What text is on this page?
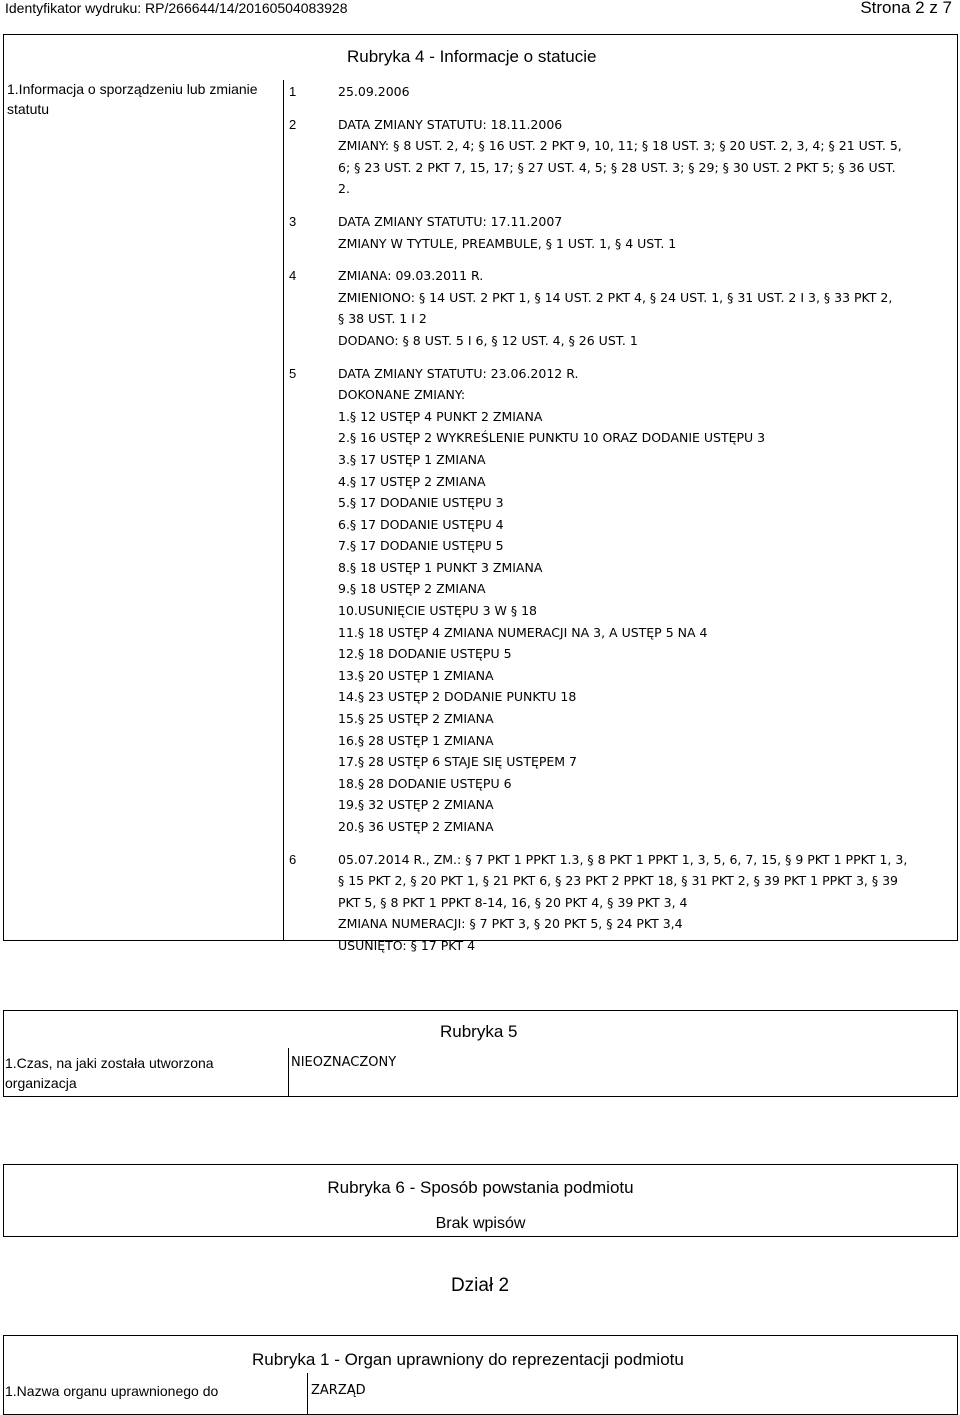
Identyfikator wydruku: RP/266644/14/20160504083928	Strona 2 z 7
Rubryka 4 - Informacje o statucie
1.Informacja o sporządzeniu lub zmianie statutu
1	25.09.2006
2	DATA ZMIANY STATUTU: 18.11.2006
ZMIANY: § 8 UST. 2, 4; § 16 UST. 2 PKT 9, 10, 11; § 18 UST. 3; § 20 UST. 2, 3, 4; § 21 UST. 5,
6; § 23 UST. 2 PKT 7, 15, 17; § 27 UST. 4, 5; § 28 UST. 3; § 29; § 30 UST. 2 PKT 5; § 36 UST.
2.
3	DATA ZMIANY STATUTU: 17.11.2007
ZMIANY W TYTULE, PREAMBULE, § 1 UST. 1, § 4 UST. 1
4	ZMIANA: 09.03.2011 R.
ZMIENIONO: § 14 UST. 2 PKT 1, § 14 UST. 2 PKT 4, § 24 UST. 1, § 31 UST. 2 I 3, § 33 PKT 2,
§ 38 UST. 1 I 2
DODANO: § 8 UST. 5 I 6, § 12 UST. 4, § 26 UST. 1
5	DATA ZMIANY STATUTU: 23.06.2012 R.
DOKONANE ZMIANY:
1.§ 12 USTĘP 4 PUNKT 2 ZMIANA
2.§ 16 USTĘP 2 WYKREŚLENIE PUNKTU 10 ORAZ DODANIE USTĘPU 3
3.§ 17 USTĘP 1 ZMIANA
4.§ 17 USTĘP 2 ZMIANA
5.§ 17 DODANIE USTĘPU 3
6.§ 17 DODANIE USTĘPU 4
7.§ 17 DODANIE USTĘPU 5
8.§ 18 USTĘP 1 PUNKT 3 ZMIANA
9.§ 18 USTĘP 2 ZMIANA
10.USUNIĘCIE USTĘPU 3 W § 18
11.§ 18 USTĘP 4 ZMIANA NUMERACJI NA 3, A USTĘP 5 NA 4
12.§ 18 DODANIE USTĘPU 5
13.§ 20 USTĘP 1 ZMIANA
14.§ 23 USTĘP 2 DODANIE PUNKTU 18
15.§ 25 USTĘP 2 ZMIANA
16.§ 28 USTĘP 1 ZMIANA
17.§ 28 USTĘP 6 STAJE SIĘ USTĘPEM 7
18.§ 28 DODANIE USTĘPU 6
19.§ 32 USTĘP 2 ZMIANA
20.§ 36 USTĘP 2 ZMIANA
6	05.07.2014 R., ZM.: § 7 PKT 1 PPKT 1.3, § 8 PKT 1 PPKT 1, 3, 5, 6, 7, 15, § 9 PKT 1 PPKT 1, 3,
§ 15 PKT 2, § 20 PKT 1, § 21 PKT 6, § 23 PKT 2 PPKT 18, § 31 PKT 2, § 39 PKT 1 PPKT 3, § 39
PKT 5, § 8 PKT 1 PPKT 8-14, 16, § 20 PKT 4, § 39 PKT 3, 4
ZMIANA NUMERACJI: § 7 PKT 3, § 20 PKT 5, § 24 PKT 3,4
USUNIĘTO: § 17 PKT 4
Rubryka 5
1.Czas, na jaki została utworzona organizacja
NIEOZNACZONY
Rubryka 6 - Sposób powstania podmiotu
Brak wpisów
Dział 2
Rubryka 1 - Organ uprawniony do reprezentacji podmiotu
1.Nazwa organu uprawnionego do	ZARZĄD
